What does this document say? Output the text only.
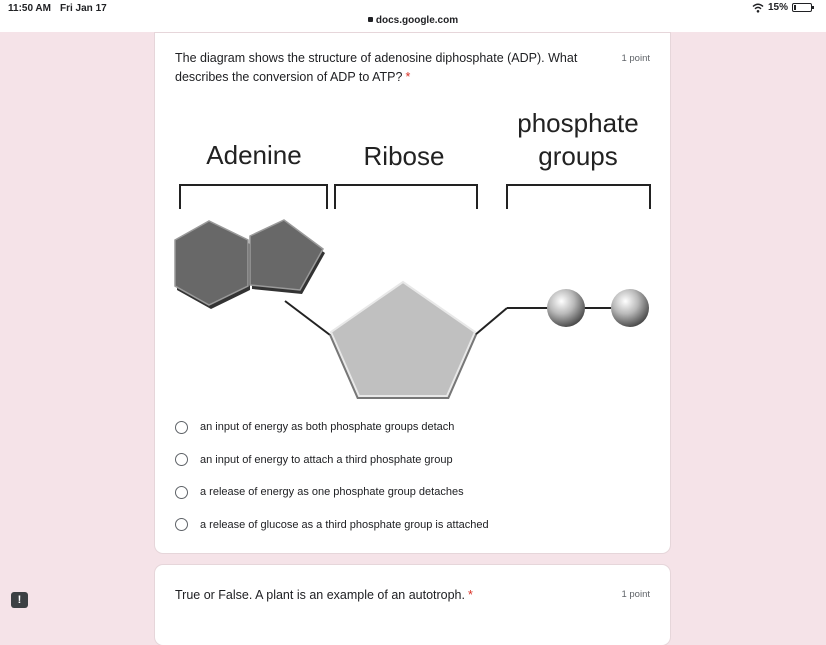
11:50 AM Fri Jan 17
docs.google.com
15%
The diagram shows the structure of adenosine diphosphate (ADP). What describes the conversion of ADP to ATP? *
1 point
Adenine Ribose
phosphate
groups
an input of energy as both phosphate groups detach
an input of energy to attach a third phosphate group
a release of energy as one phosphate group detaches
a release of glucose as a third phosphate group is attached
True or False. A plant is an example of an autotroph. *	1 point
!
